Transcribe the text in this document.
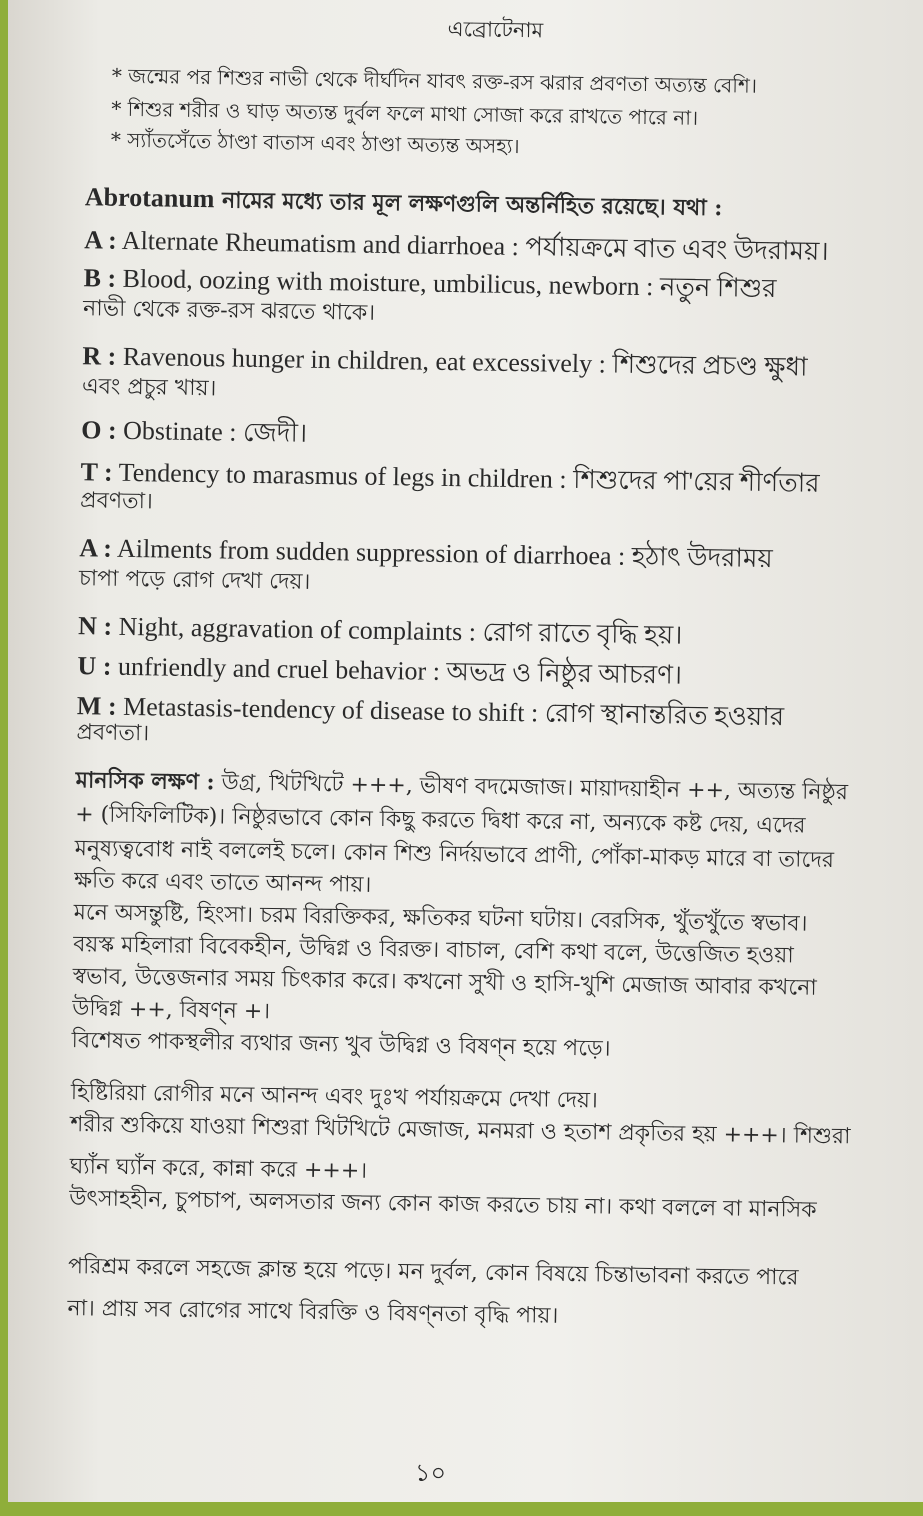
এব্রোটেনাম
* জন্মের পর শিশুর নাভী থেকে দীর্ঘদিন যাবৎ রক্ত-রস ঝরার প্রবণতা অত্যন্ত বেশি।
* শিশুর শরীর ও ঘাড় অত্যন্ত দুর্বল ফলে মাথা সোজা করে রাখতে পারে না।
* স্যাঁতসেঁতে ঠাণ্ডা বাতাস এবং ঠাণ্ডা অত্যন্ত অসহ্য।
Abrotanum নামের মধ্যে তার মূল লক্ষণগুলি অন্তর্নিহিত রয়েছে। যথা :
A : Alternate Rheumatism and diarrhoea : পর্যায়ক্রমে বাত এবং উদরাময়।
B : Blood, oozing with moisture, umbilicus, newborn : নতুন শিশুর
নাভী থেকে রক্ত-রস ঝরতে থাকে।
R : Ravenous hunger in children, eat excessively : শিশুদের প্রচণ্ড ক্ষুধা
এবং প্রচুর খায়।
O : Obstinate : জেদী।
T : Tendency to marasmus of legs in children : শিশুদের পা'য়ের শীর্ণতার
প্রবণতা।
A : Ailments from sudden suppression of diarrhoea : হঠাৎ উদরাময়
চাপা পড়ে রোগ দেখা দেয়।
N : Night, aggravation of complaints : রোগ রাতে বৃদ্ধি হয়।
U : unfriendly and cruel behavior : অভদ্র ও নিষ্ঠুর আচরণ।
M : Metastasis-tendency of disease to shift : রোগ স্থানান্তরিত হওয়ার
প্রবণতা।
মানসিক লক্ষণ : উগ্র, খিটখিটে +++, ভীষণ বদমেজাজ। মায়াদয়াহীন ++, অত্যন্ত নিষ্ঠুর
+ (সিফিলিটিক)। নিষ্ঠুরভাবে কোন কিছু করতে দ্বিধা করে না, অন্যকে কষ্ট দেয়, এদের
মনুষ্যত্ববোধ নাই বললেই চলে। কোন শিশু নির্দয়ভাবে প্রাণী, পোঁকা-মাকড় মারে বা তাদের
ক্ষতি করে এবং তাতে আনন্দ পায়।
মনে অসন্তুষ্টি, হিংসা। চরম বিরক্তিকর, ক্ষতিকর ঘটনা ঘটায়। বেরসিক, খুঁতখুঁতে স্বভাব।
বয়স্ক মহিলারা বিবেকহীন, উদ্বিগ্ন ও বিরক্ত। বাচাল, বেশি কথা বলে, উত্তেজিত হওয়া
স্বভাব, উত্তেজনার সময় চিৎকার করে। কখনো সুখী ও হাসি-খুশি মেজাজ আবার কখনো
উদ্বিগ্ন ++, বিষণ্ন +।
বিশেষত পাকস্থলীর ব্যথার জন্য খুব উদ্বিগ্ন ও বিষণ্ন হয়ে পড়ে।
হিষ্টিরিয়া রোগীর মনে আনন্দ এবং দুঃখ পর্যায়ক্রমে দেখা দেয়।
শরীর শুকিয়ে যাওয়া শিশুরা খিটখিটে মেজাজ, মনমরা ও হতাশ প্রকৃতির হয় +++। শিশুরা
ঘ্যাঁন ঘ্যাঁন করে, কান্না করে +++।
উৎসাহহীন, চুপচাপ, অলসতার জন্য কোন কাজ করতে চায় না। কথা বললে বা মানসিক
পরিশ্রম করলে সহজে ক্লান্ত হয়ে পড়ে। মন দুর্বল, কোন বিষয়ে চিন্তাভাবনা করতে পারে
না। প্রায় সব রোগের সাথে বিরক্তি ও বিষণ্নতা বৃদ্ধি পায়।
১০
